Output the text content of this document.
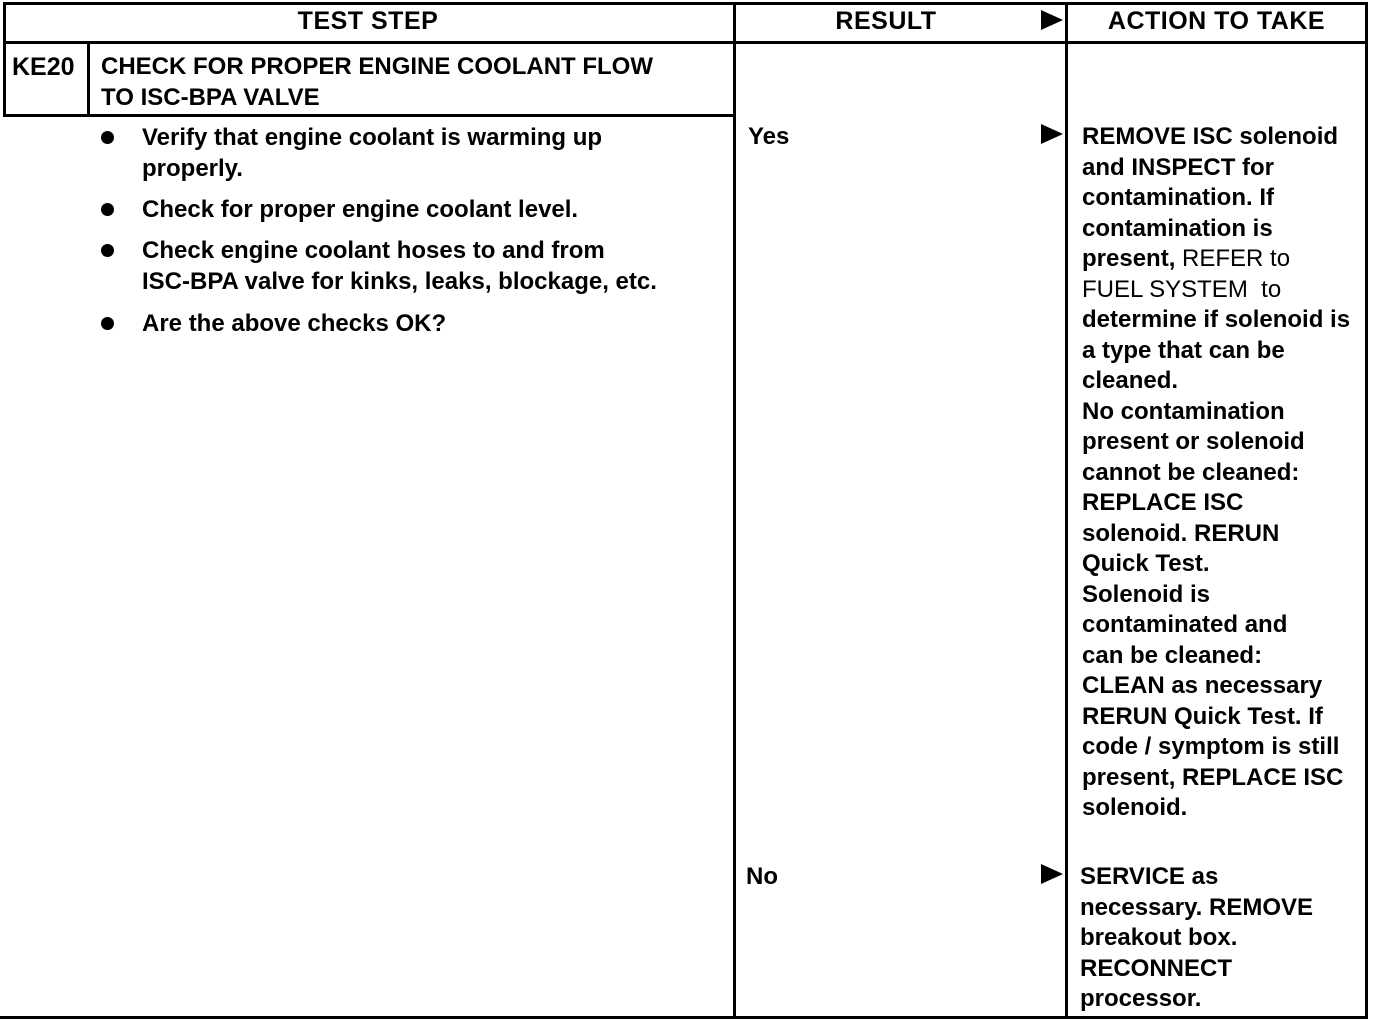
TEST STEP	RESULT	ACTION TO TAKE
KE20 CHECK FOR PROPER ENGINE COOLANT FLOW
TO ISC-BPA VALVE
Verify that engine coolant is warming up
properly.
Check for proper engine coolant level.
Check engine coolant hoses to and from
ISC-BPA valve for kinks, leaks, blockage, etc.
Are the above checks OK?
Yes
No
REMOVE ISC solenoid
and INSPECT for
contamination. If
contamination is
present, REFER to
FUEL SYSTEM to
determine if solenoid is
a type that can be
cleaned.
No contamination
present or solenoid
cannot be cleaned:
REPLACE ISC
solenoid. RERUN
Quick Test.
Solenoid is
contaminated and
can be cleaned:
CLEAN as necessary
RERUN Quick Test. If
code / symptom is still
present, REPLACE ISC
solenoid.
SERVICE as
necessary. REMOVE
breakout box.
RECONNECT
processor.
